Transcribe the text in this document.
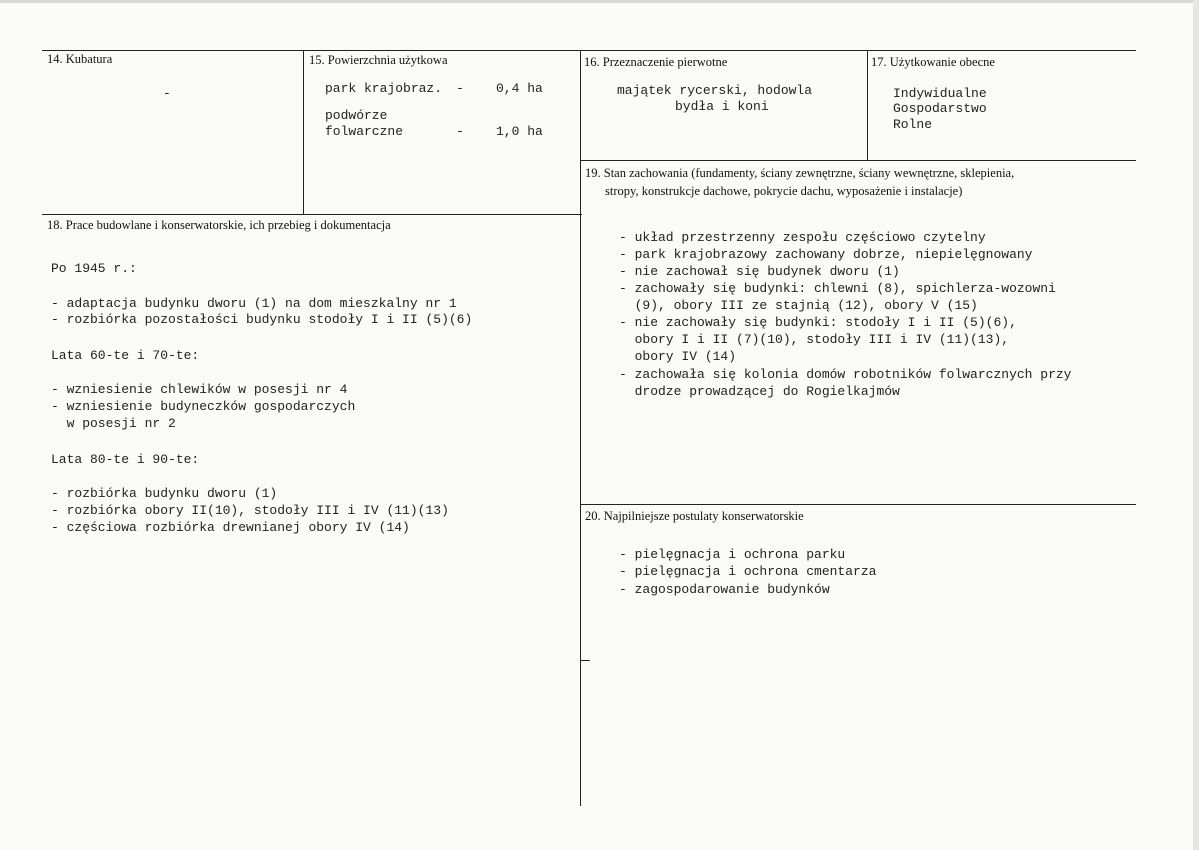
14. Kubatura
-
15. Powierzchnia użytkowa
park krajobraz. - 0,4 ha
podwórze
folwarczne	- 1,0 ha
16. Przeznaczenie pierwotne
majątek rycerski, hodowla
bydła i koni
17. Użytkowanie obecne
Indywidualne
Gospodarstwo
Rolne
18. Prace budowlane i konserwatorskie, ich przebieg i dokumentacja
Po 1945 r.:
- adaptacja budynku dworu (1) na dom mieszkalny nr 1
- rozbiórka pozostałości budynku stodoły I i II (5)(6)
Lata 60-te i 70-te:
- wzniesienie chlewików w posesji nr 4
- wzniesienie budyneczków gospodarczych
w posesji nr 2
Lata 80-te i 90-te:
- rozbiórka budynku dworu (1)
- rozbiórka obory II(10), stodoły III i IV (11)(13)
- częściowa rozbiórka drewnianej obory IV (14)
19. Stan zachowania (fundamenty, ściany zewnętrzne, ściany wewnętrzne, sklepienia,
stropy, konstrukcje dachowe, pokrycie dachu, wyposażenie i instalacje)
- układ przestrzenny zespołu częściowo czytelny
- park krajobrazowy zachowany dobrze, niepielęgnowany
- nie zachował się budynek dworu (1)
- zachowały się budynki: chlewni (8), spichlerza-wozowni
(9), obory III ze stajnią (12), obory V (15)
- nie zachowały się budynki: stodoły I i II (5)(6),
obory I i II (7)(10), stodoły III i IV (11)(13),
obory IV (14)
- zachowała się kolonia domów robotników folwarcznych przy
drodze prowadzącej do Rogielkajmów
20. Najpilniejsze postulaty konserwatorskie
- pielęgnacja i ochrona parku
- pielęgnacja i ochrona cmentarza
- zagospodarowanie budynków
